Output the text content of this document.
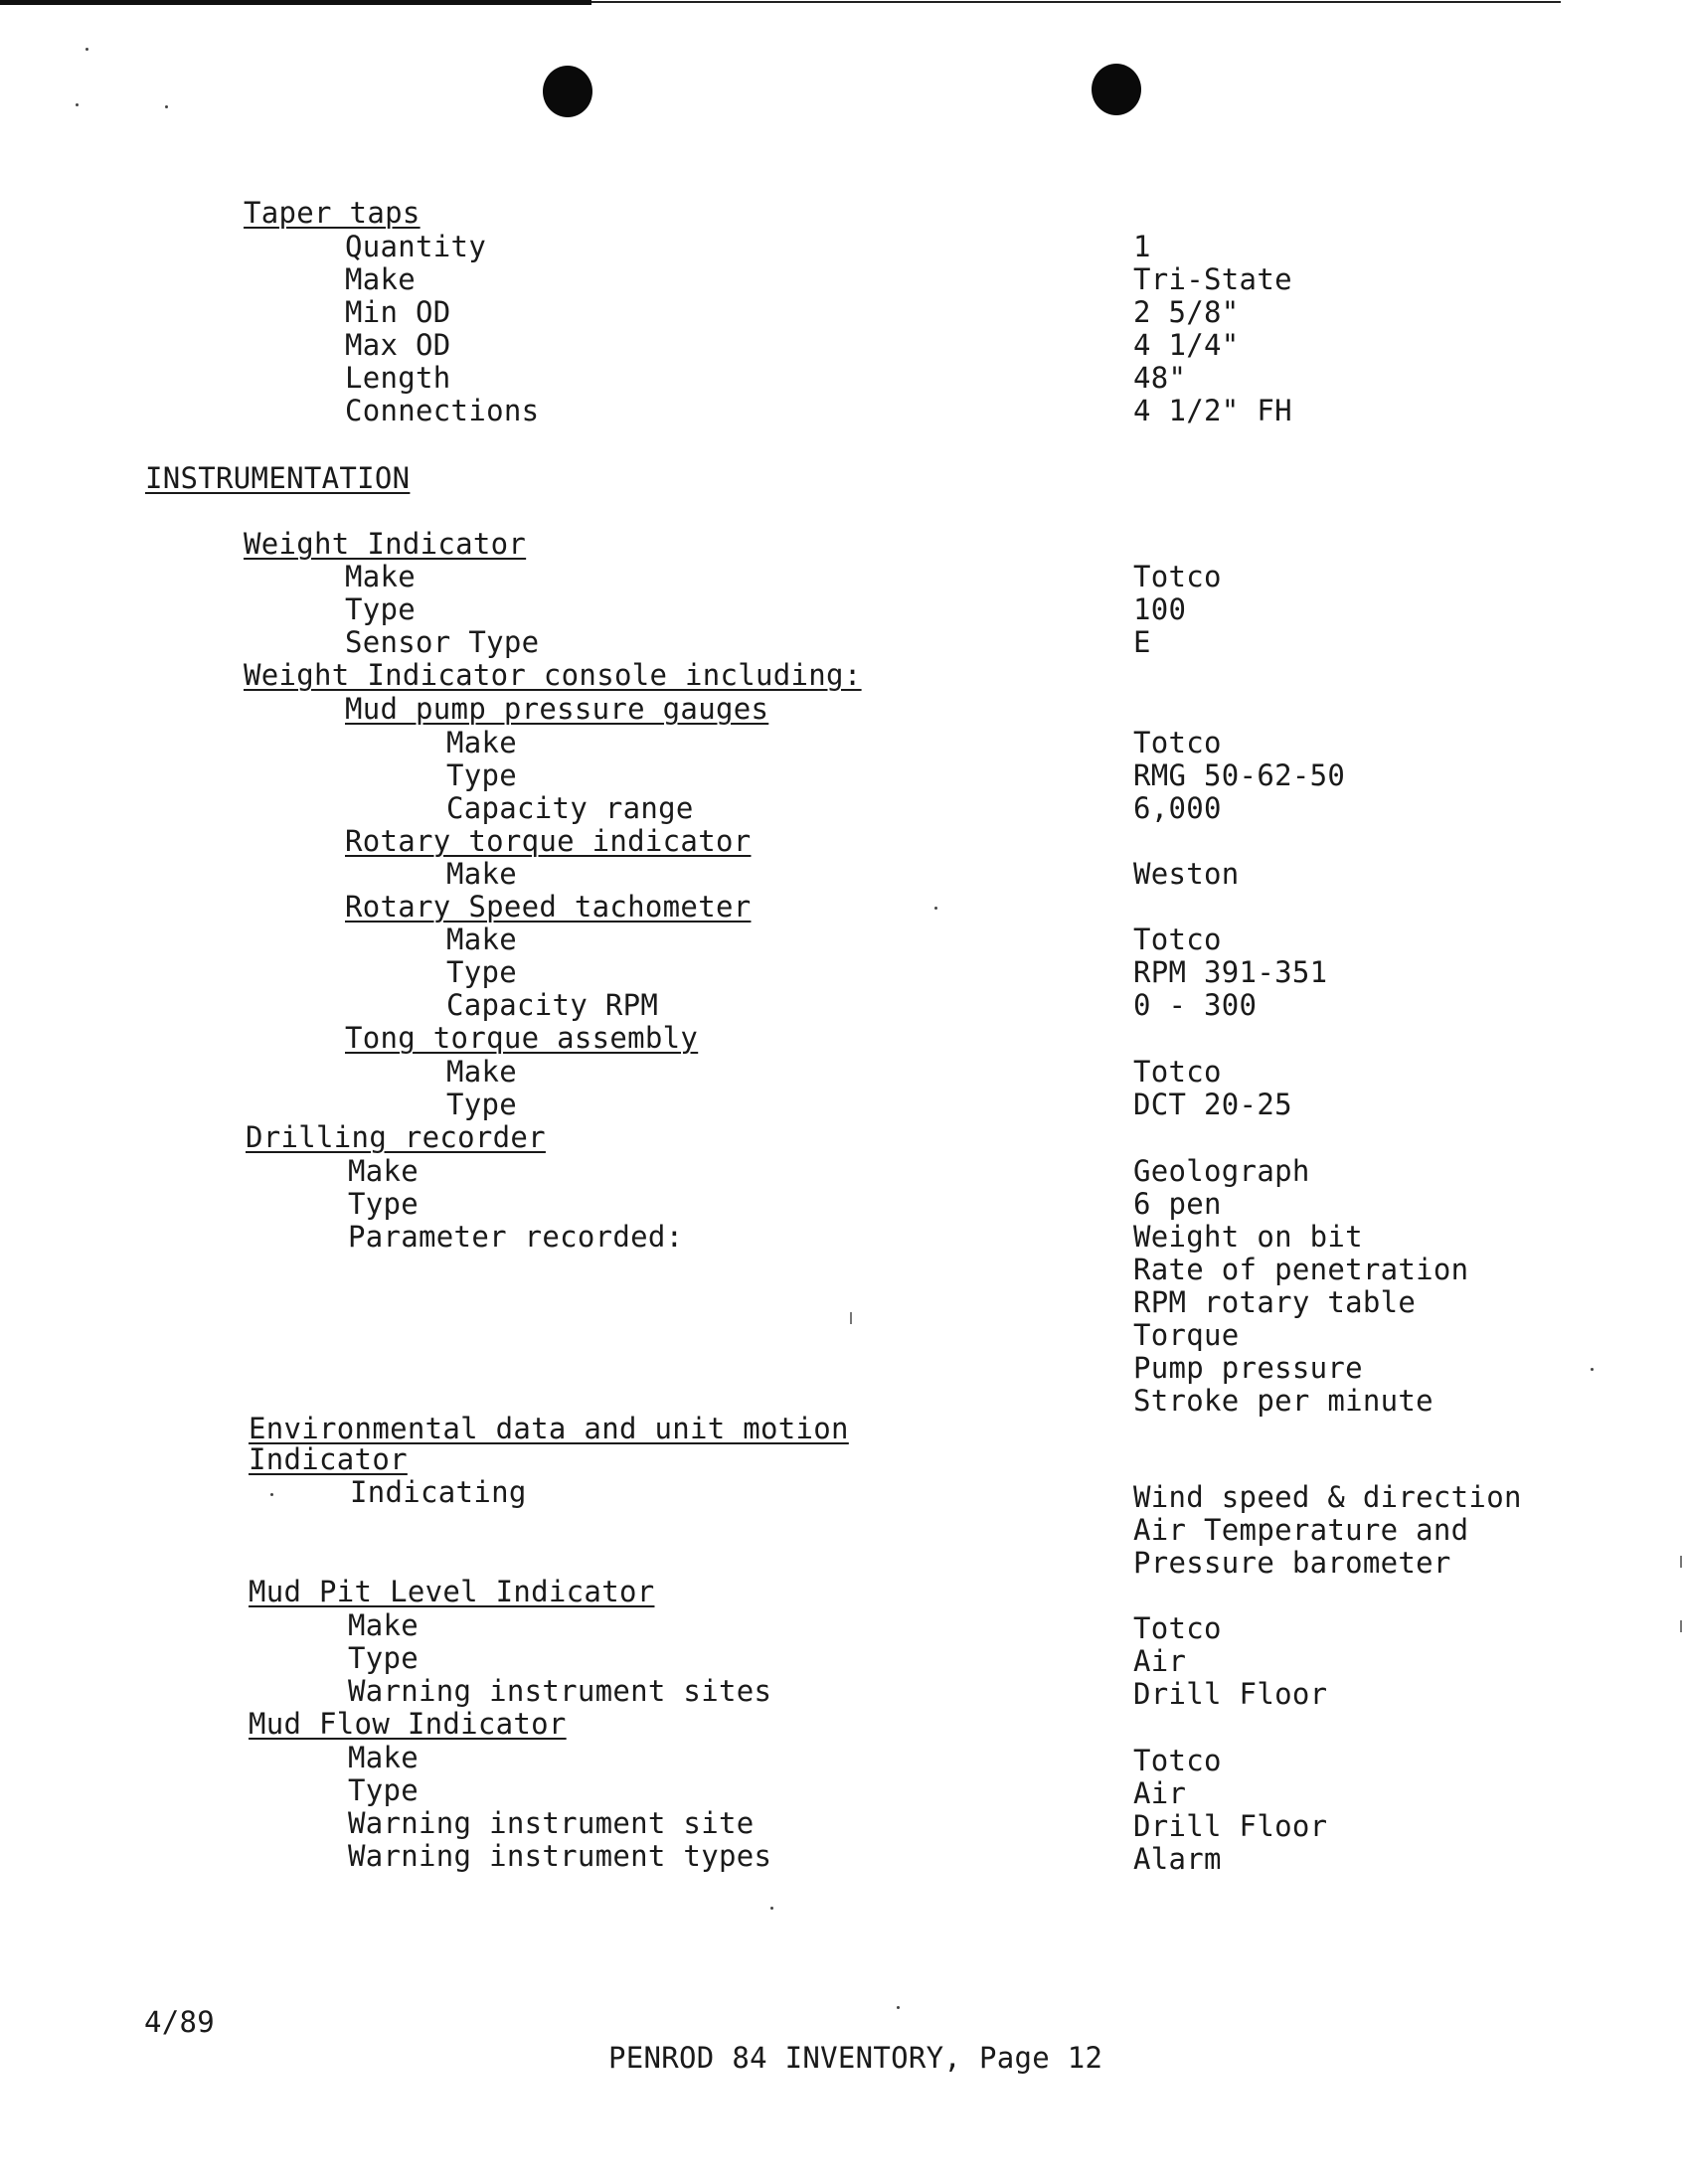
Taper taps
Quantity	1
Make	Tri-State
Min OD	2 5/8"
Max OD	4 1/4"
Length	48"
Connections	4 1/2" FH
INSTRUMENTATION
Weight Indicator
Make	Totco
Type	100
Sensor Type	E
Weight Indicator console including:
Mud pump pressure gauges
Make	Totco
Type	RMG 50-62-50
Capacity range	6,000
Rotary torque indicator
Make	Weston
Rotary Speed tachometer
Make	Totco
Type	RPM 391-351
Capacity RPM	0 - 300
Tong torque assembly
Make	Totco
Type	DCT 20-25
Drilling recorder
Make	Geolograph
Type	6 pen
Parameter recorded:	Weight on bit
Rate of penetration
RPM rotary table
Torque
Pump pressure
Stroke per minute
Environmental data and unit motion
Indicator
Indicating	Wind speed & direction
Air Temperature and
Pressure barometer
Mud Pit Level Indicator
Make	Totco
Type	Air
Warning instrument sites	Drill Floor
Mud Flow Indicator
Make	Totco
Type	Air
Warning instrument site	Drill Floor
Warning instrument types	Alarm
4/89
PENROD 84 INVENTORY, Page 12
